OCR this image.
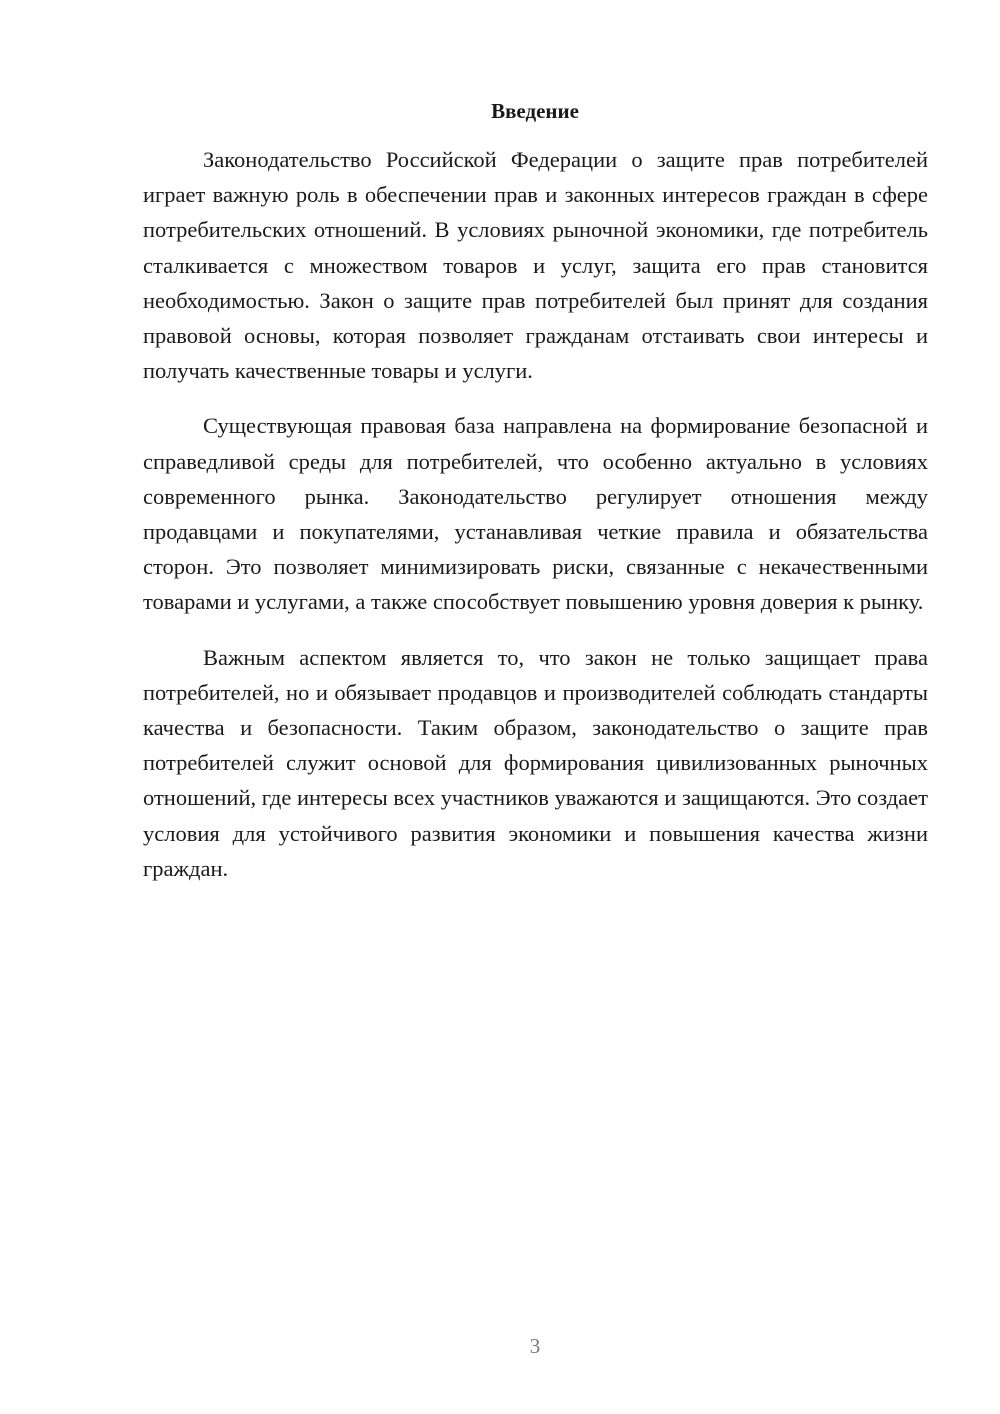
Введение

Законодательство Российской Федерации о защите прав потребителей играет важную роль в обеспечении прав и законных интересов граждан в сфере потребительских отношений. В условиях рыночной экономики, где потребитель сталкивается с множеством товаров и услуг, защита его прав становится необходимостью. Закон о защите прав потребителей был принят для создания правовой основы, которая позволяет гражданам отстаивать свои интересы и получать качественные товары и услуги.

Существующая правовая база направлена на формирование безопасной и справедливой среды для потребителей, что особенно актуально в условиях современного рынка. Законодательство регулирует отношения между продавцами и покупателями, устанавливая четкие правила и обязательства сторон. Это позволяет минимизировать риски, связанные с некачественными товарами и услугами, а также способствует повышению уровня доверия к рынку.

Важным аспектом является то, что закон не только защищает права потребителей, но и обязывает продавцов и производителей соблюдать стандарты качества и безопасности. Таким образом, законодательство о защите прав потребителей служит основой для формирования цивилизованных рыночных отношений, где интересы всех участников уважаются и защищаются. Это создает условия для устойчивого развития экономики и повышения качества жизни граждан.

3
